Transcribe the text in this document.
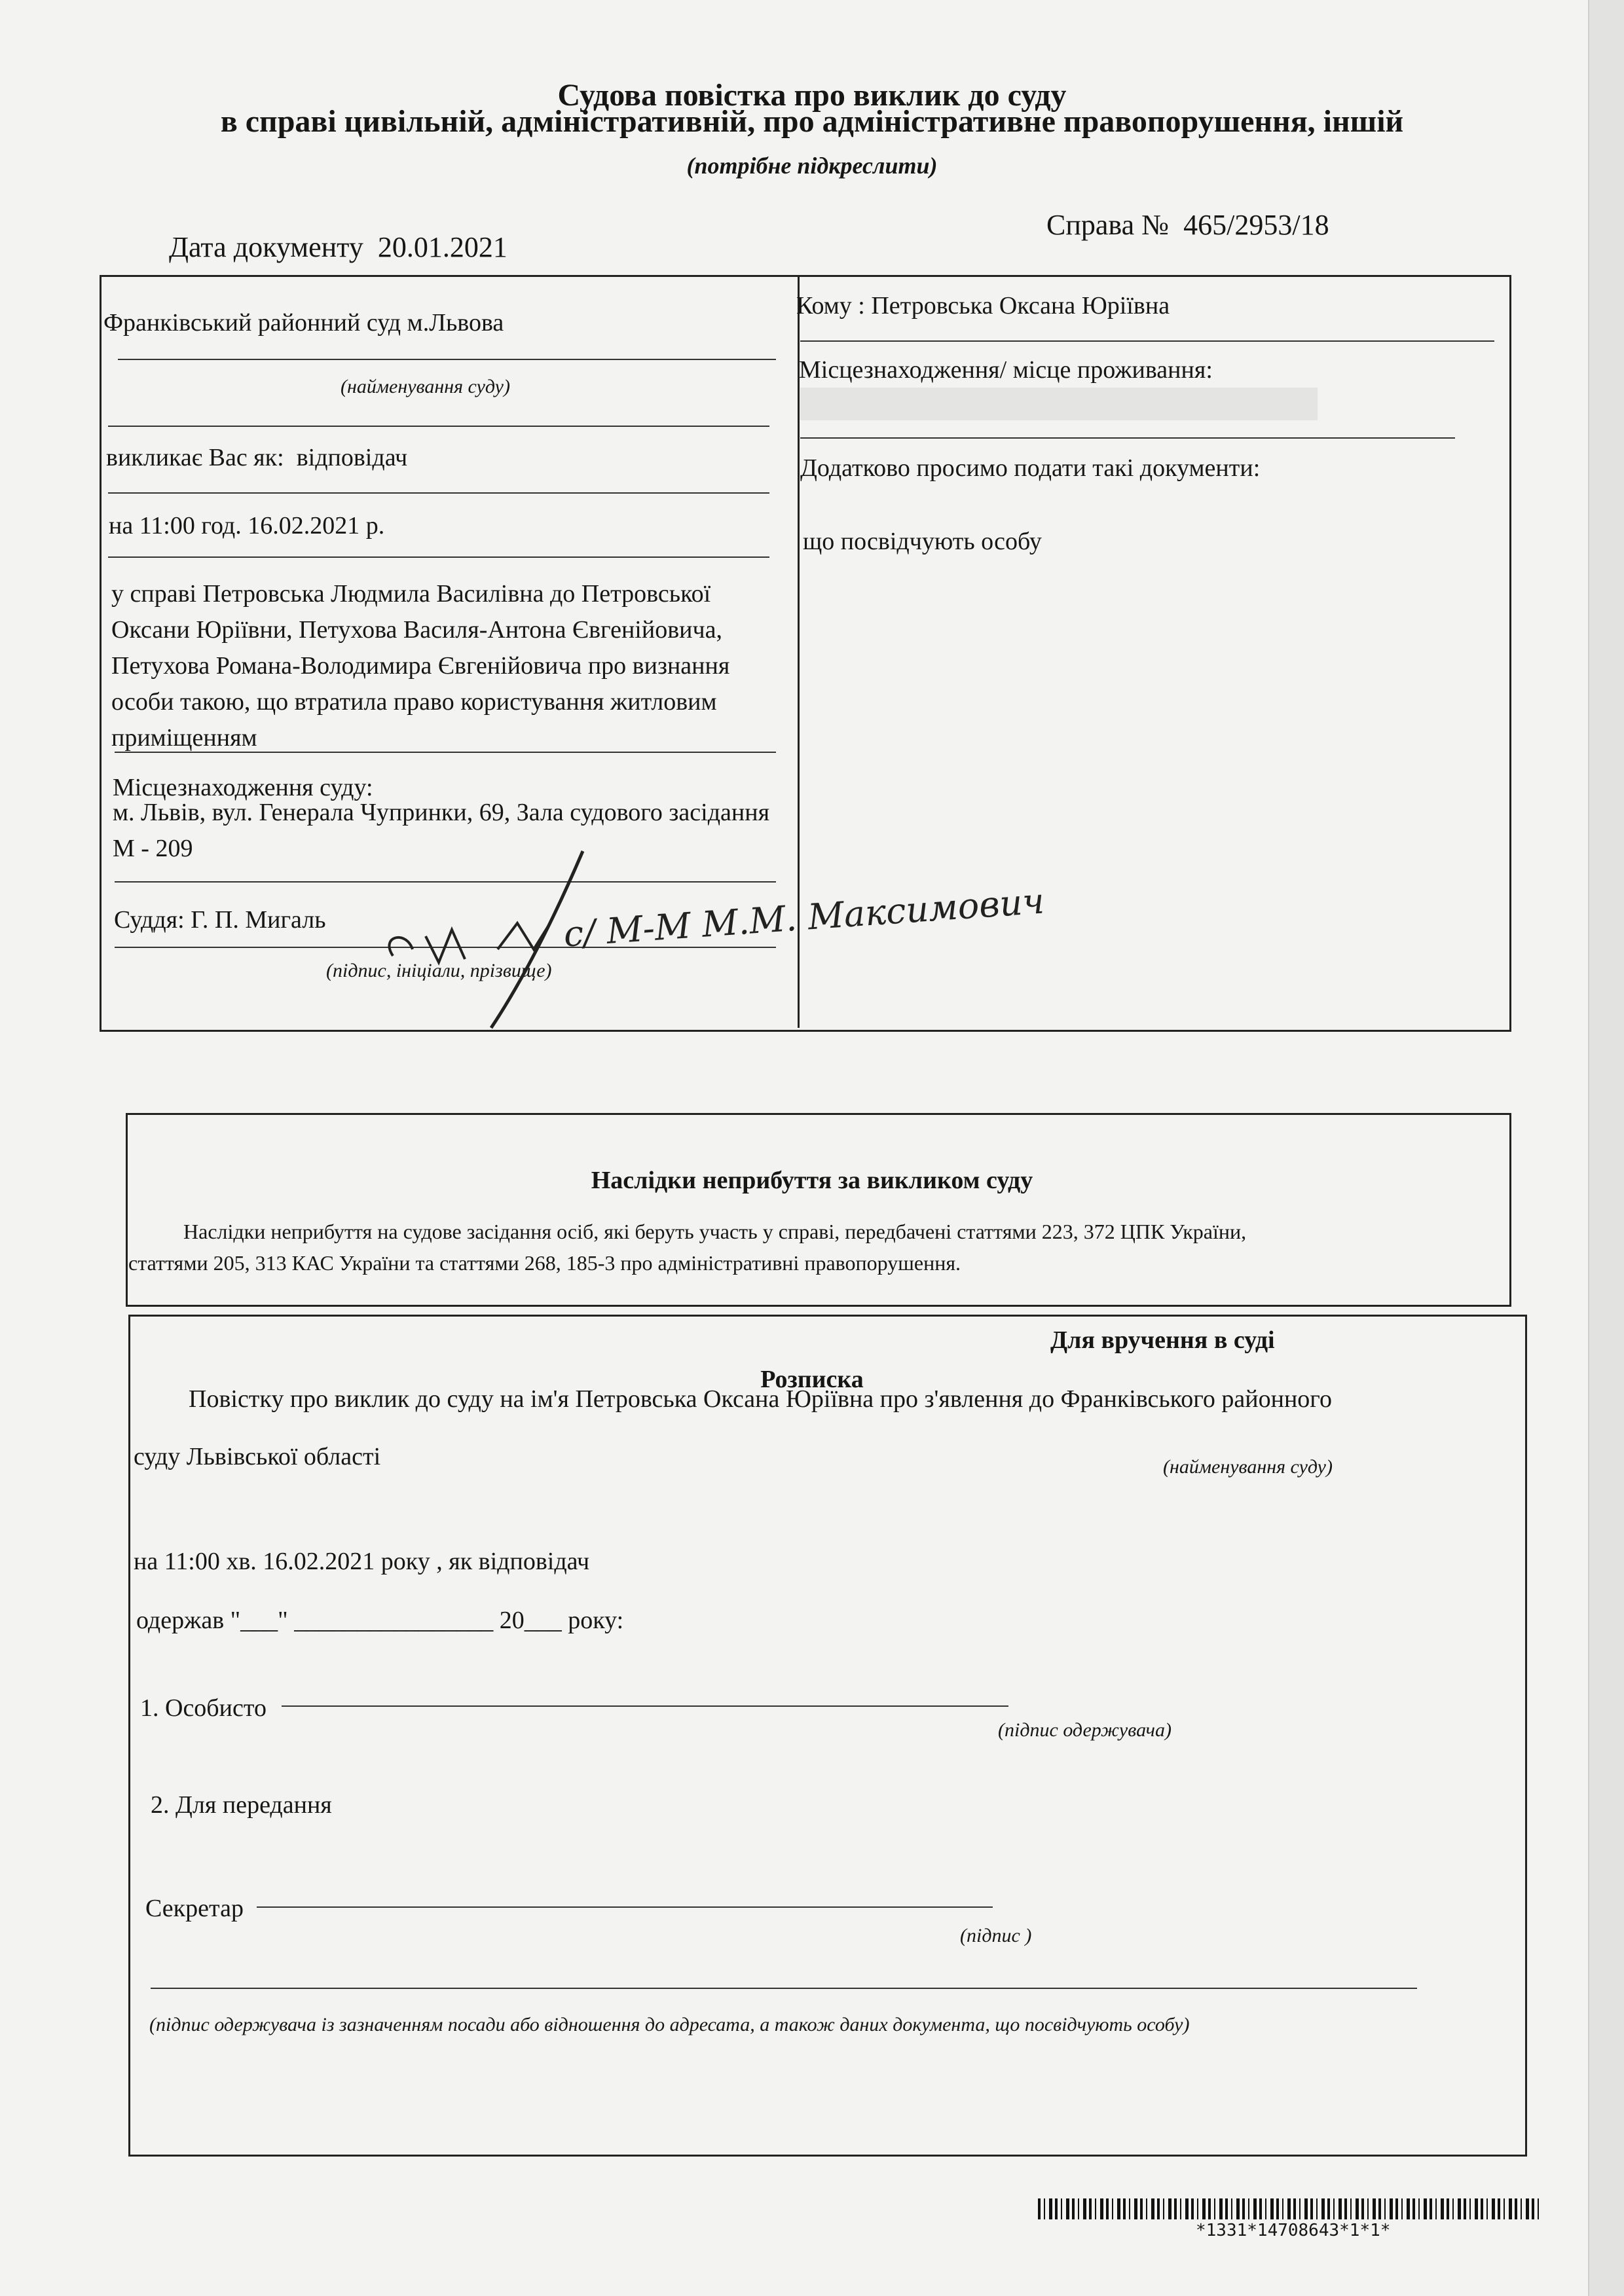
Судова повістка про виклик до суду
в справі цивільній, адміністративній, про адміністративне правопорушення, іншій
(потрібне підкреслити)
Дата документу 20.01.2021
Справа № 465/2953/18
Франківський районний суд м.Львова
(найменування суду)
викликає Вас як: відповідач
на 11:00 год. 16.02.2021 р.
у справі Петровська Людмила Василівна до Петровської Оксани Юріївни, Петухова Василя-Антона Євгенійовича, Петухова Романа-Володимира Євгенійовича про визнання особи такою, що втратила право користування житловим приміщенням
Місцезнаходження суду:
м. Львів, вул. Генерала Чупринки, 69, Зала судового засідання М - 209
Суддя: Г. П. Мигаль
(підпис, ініціали, прізвище)
с/ М-М М.М. Максимович
Кому : Петровська Оксана Юріївна
Місцезнаходження/ місце проживання:
Додатково просимо подати такі документи:
що посвідчують особу
Наслідки неприбуття за викликом суду
Наслідки неприбуття на судове засідання осіб, які беруть участь у справі, передбачені статтями 223, 372 ЦПК України,
статтями 205, 313 КАС України та статтями 268, 185-3 про адміністративні правопорушення.
Для вручення в суді
Розписка
Повістку про виклик до суду на ім'я Петровська Оксана Юріївна про з'явлення до Франківського районного
суду Львівської області	(найменування суду)
на 11:00 хв. 16.02.2021 року , як відповідач
одержав "___" ________________ 20___ року:
1. Особисто
(підпис одержувача)
2. Для передання
Секретар
(підпис )
(підпис одержувача із зазначенням посади або відношення до адресата, а також даних документа, що посвідчують особу)
*1331*14708643*1*1*
